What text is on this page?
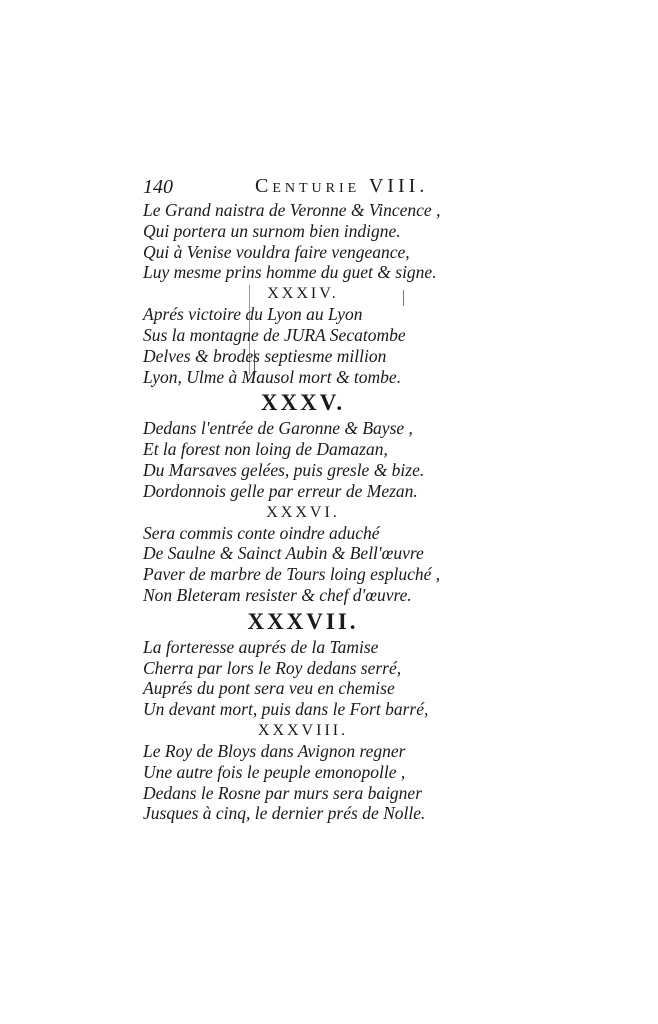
140	Centurie VIII.
Le Grand naistra de Veronne & Vincence ,
Qui portera un surnom bien indigne.
Qui à Venise vouldra faire vengeance,
Luy mesme prins homme du guet & signe.
XXXIV.
Aprés victoire du Lyon au Lyon
Sus la montagne de JURA Secatombe
Delves & brodes septiesme million
Lyon, Ulme à Mausol mort & tombe.
XXXV.
Dedans l'entrée de Garonne & Bayse ,
Et la forest non loing de Damazan,
Du Marsaves gelées, puis gresle & bize.
Dordonnois gelle par erreur de Mezan.
XXXVI.
Sera commis conte oindre aduché
De Saulne & Sainct Aubin & Bell'œuvre
Paver de marbre de Tours loing espluché ,
Non Bleteram resister & chef d'œuvre.
XXXVII.
La forteresse auprés de la Tamise
Cherra par lors le Roy dedans serré,
Auprés du pont sera veu en chemise
Un devant mort, puis dans le Fort barré,
XXXVIII.
Le Roy de Bloys dans Avignon regner
Une autre fois le peuple emonopolle ,
Dedans le Rosne par murs sera baigner
Jusques à cinq, le dernier prés de Nolle.
